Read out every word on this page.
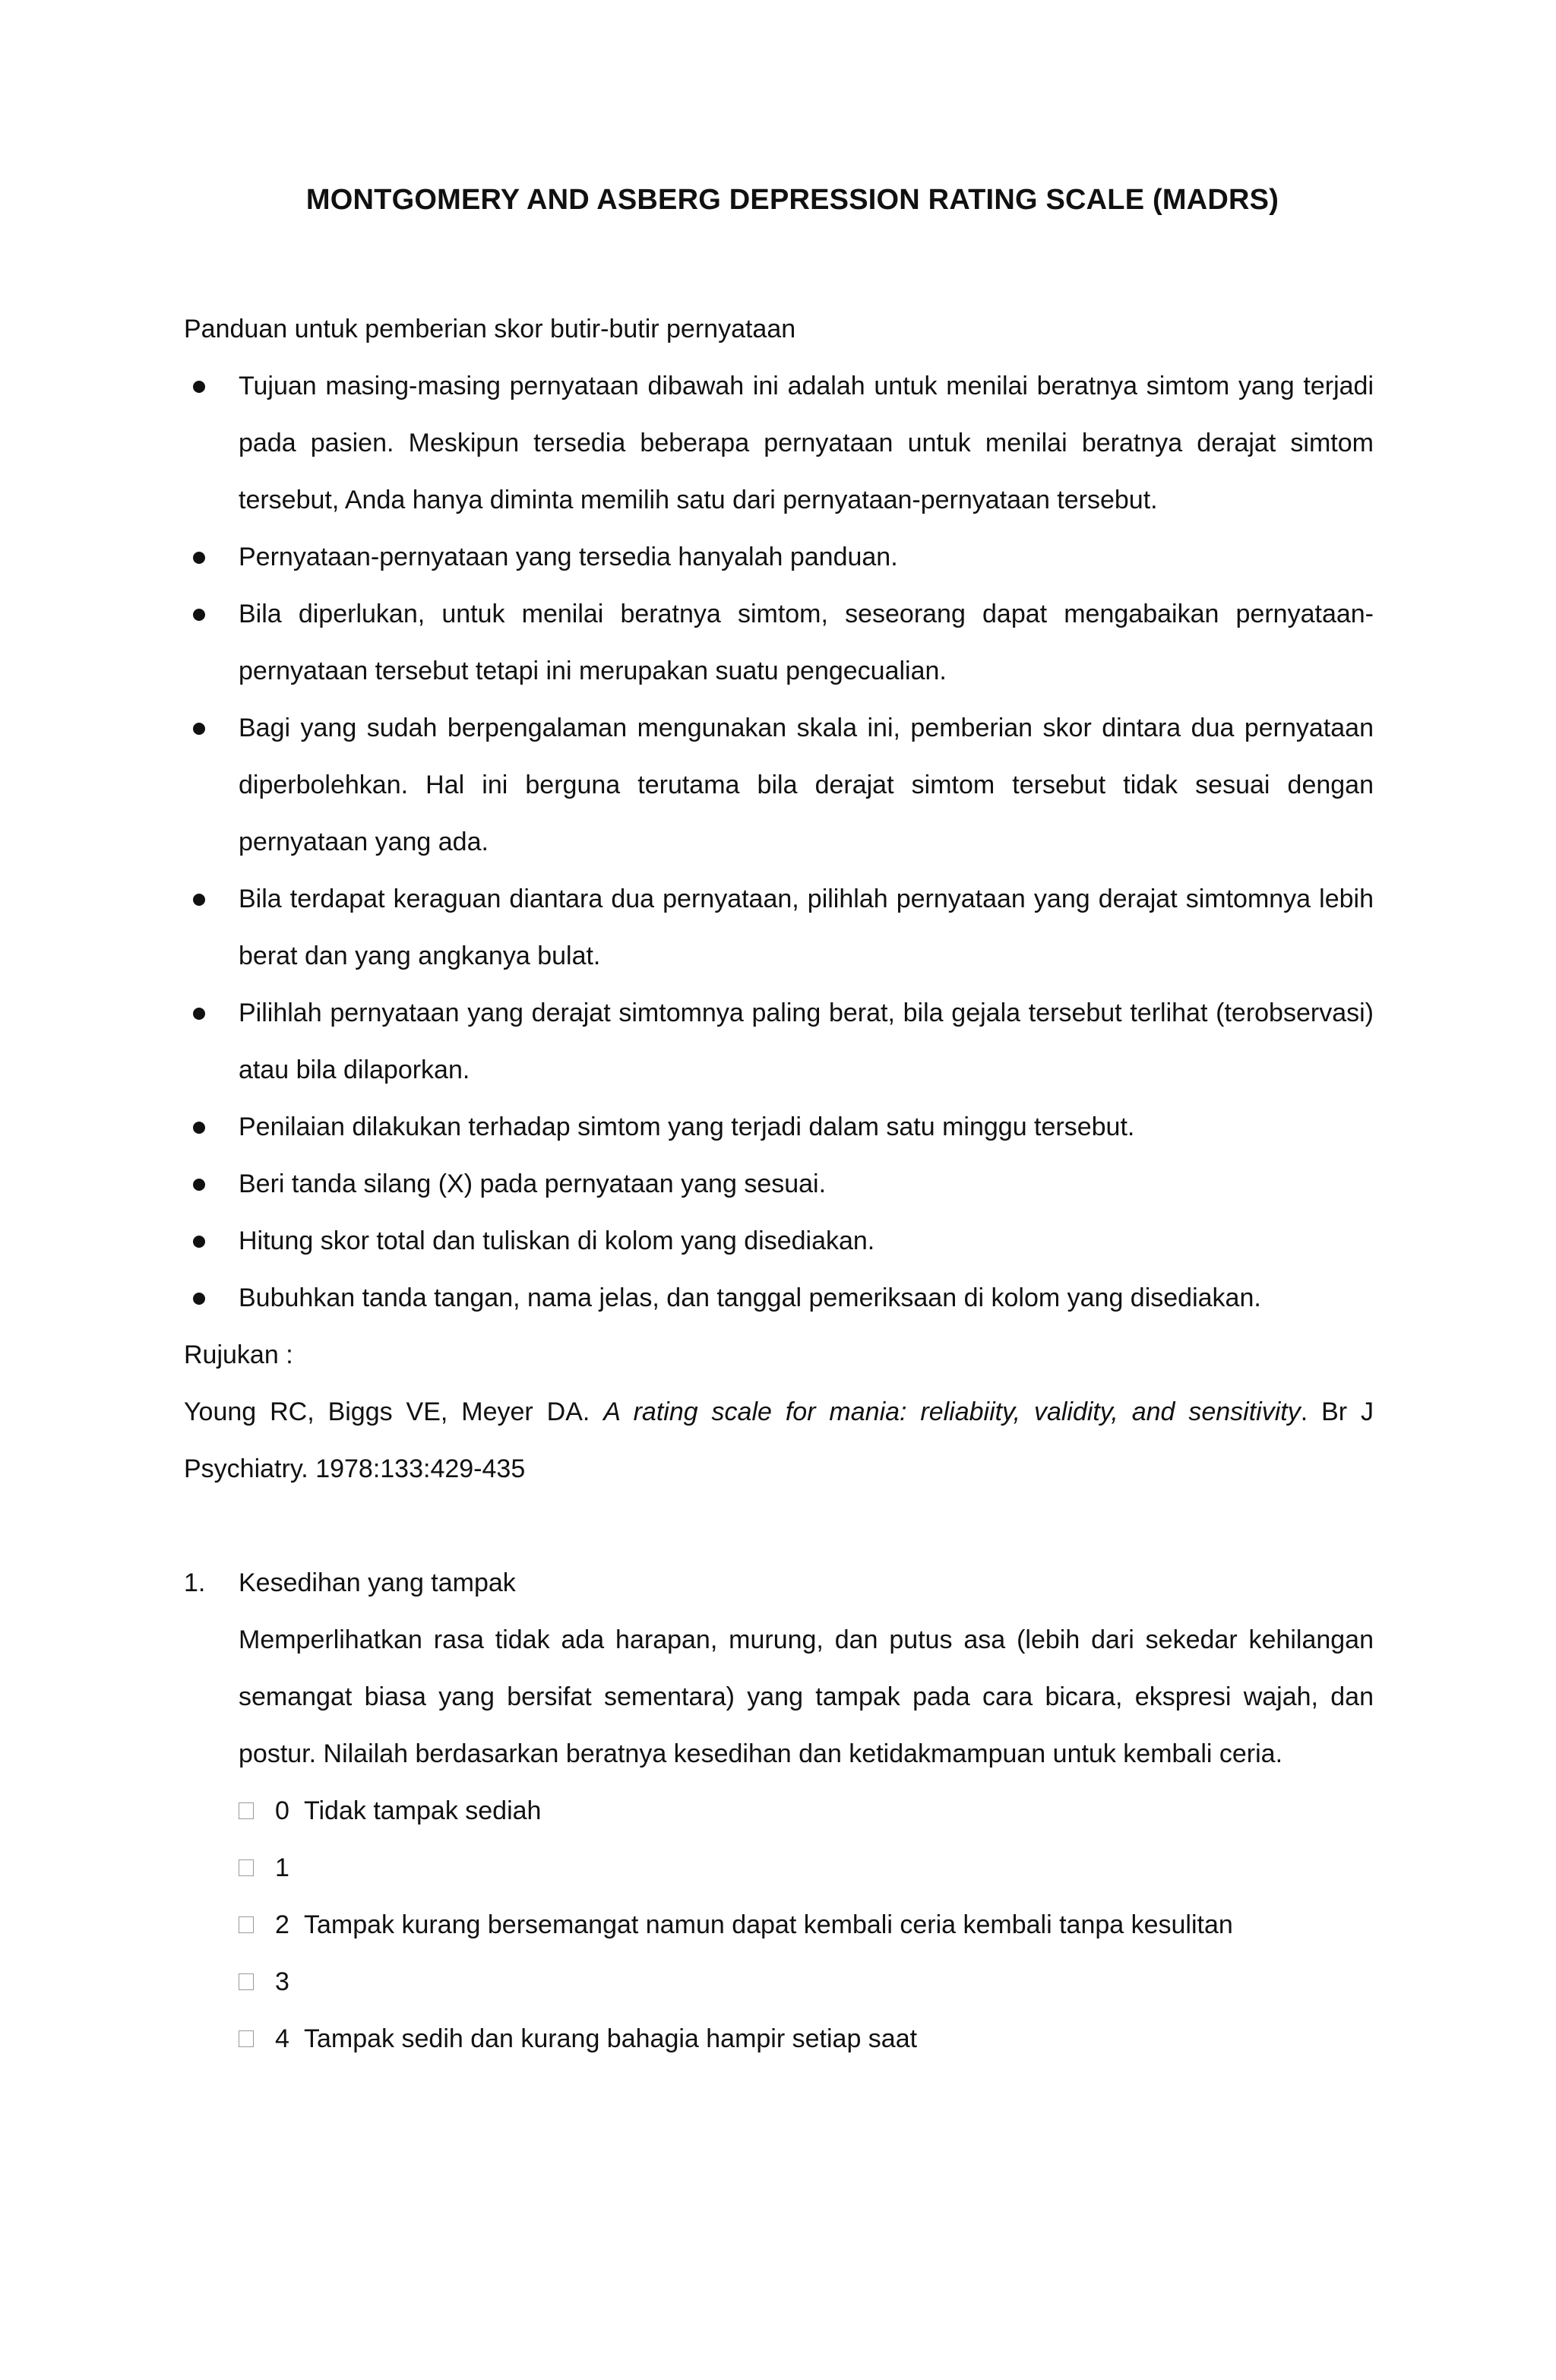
MONTGOMERY AND ASBERG DEPRESSION RATING SCALE (MADRS)

Panduan untuk pemberian skor butir-butir pernyataan

Tujuan masing-masing pernyataan dibawah ini adalah untuk menilai beratnya simtom yang terjadi pada pasien. Meskipun tersedia beberapa pernyataan untuk menilai beratnya derajat simtom tersebut, Anda hanya diminta memilih satu dari pernyataan-pernyataan tersebut.
Pernyataan-pernyataan yang tersedia hanyalah panduan.
Bila diperlukan, untuk menilai beratnya simtom, seseorang dapat mengabaikan pernyataan-pernyataan tersebut tetapi ini merupakan suatu pengecualian.
Bagi yang sudah berpengalaman mengunakan skala ini, pemberian skor dintara dua pernyataan diperbolehkan. Hal ini berguna terutama bila derajat simtom tersebut tidak sesuai dengan pernyataan yang ada.
Bila terdapat keraguan diantara dua pernyataan, pilihlah pernyataan yang derajat simtomnya lebih berat dan yang angkanya bulat.
Pilihlah pernyataan yang derajat simtomnya paling berat, bila gejala tersebut terlihat (terobservasi) atau bila dilaporkan.
Penilaian dilakukan terhadap simtom yang terjadi dalam satu minggu tersebut.
Beri tanda silang (X) pada pernyataan yang sesuai.
Hitung skor total dan tuliskan di kolom yang disediakan.
Bubuhkan tanda tangan, nama jelas, dan tanggal pemeriksaan di kolom yang disediakan.

Rujukan :

Young RC, Biggs VE, Meyer DA. A rating scale for mania: reliabiity, validity, and sensitivity. Br J Psychiatry. 1978:133:429-435

1. Kesedihan yang tampak
Memperlihatkan rasa tidak ada harapan, murung, dan putus asa (lebih dari sekedar kehilangan semangat biasa yang bersifat sementara) yang tampak pada cara bicara, ekspresi wajah, dan postur. Nilailah berdasarkan beratnya kesedihan dan ketidakmampuan untuk kembali ceria.
0 Tidak tampak sediah
1
2 Tampak kurang bersemangat namun dapat kembali ceria kembali tanpa kesulitan
3
4 Tampak sedih dan kurang bahagia hampir setiap saat
